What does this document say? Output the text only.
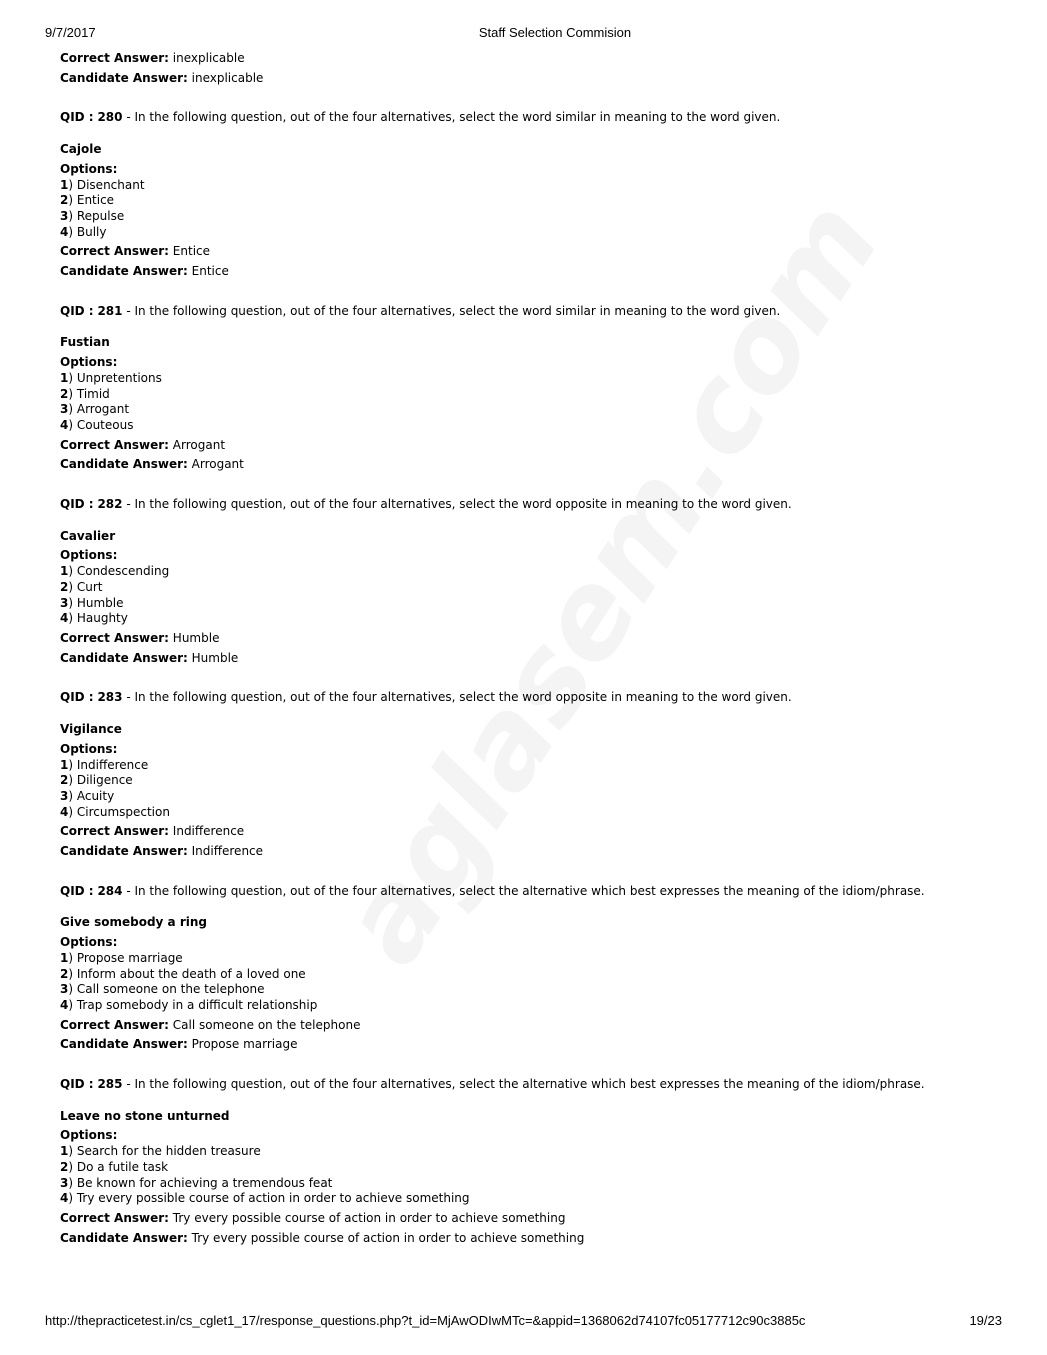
9/7/2017	Staff Selection Commision
Correct Answer: inexplicable
Candidate Answer: inexplicable
QID : 280 - In the following question, out of the four alternatives, select the word similar in meaning to the word given.
Cajole
Options:
1) Disenchant
2) Entice
3) Repulse
4) Bully
Correct Answer: Entice
Candidate Answer: Entice
QID : 281 - In the following question, out of the four alternatives, select the word similar in meaning to the word given.
Fustian
Options:
1) Unpretentions
2) Timid
3) Arrogant
4) Couteous
Correct Answer: Arrogant
Candidate Answer: Arrogant
QID : 282 - In the following question, out of the four alternatives, select the word opposite in meaning to the word given.
Cavalier
Options:
1) Condescending
2) Curt
3) Humble
4) Haughty
Correct Answer: Humble
Candidate Answer: Humble
QID : 283 - In the following question, out of the four alternatives, select the word opposite in meaning to the word given.
Vigilance
Options:
1) Indifference
2) Diligence
3) Acuity
4) Circumspection
Correct Answer: Indifference
Candidate Answer: Indifference
QID : 284 - In the following question, out of the four alternatives, select the alternative which best expresses the meaning of the idiom/phrase.
Give somebody a ring
Options:
1) Propose marriage
2) Inform about the death of a loved one
3) Call someone on the telephone
4) Trap somebody in a difficult relationship
Correct Answer: Call someone on the telephone
Candidate Answer: Propose marriage
QID : 285 - In the following question, out of the four alternatives, select the alternative which best expresses the meaning of the idiom/phrase.
Leave no stone unturned
Options:
1) Search for the hidden treasure
2) Do a futile task
3) Be known for achieving a tremendous feat
4) Try every possible course of action in order to achieve something
Correct Answer: Try every possible course of action in order to achieve something
Candidate Answer: Try every possible course of action in order to achieve something
http://thepracticetest.in/cs_cglet1_17/response_questions.php?t_id=MjAwODIwMTc=&appid=1368062d74107fc05177712c90c3885c	19/23
